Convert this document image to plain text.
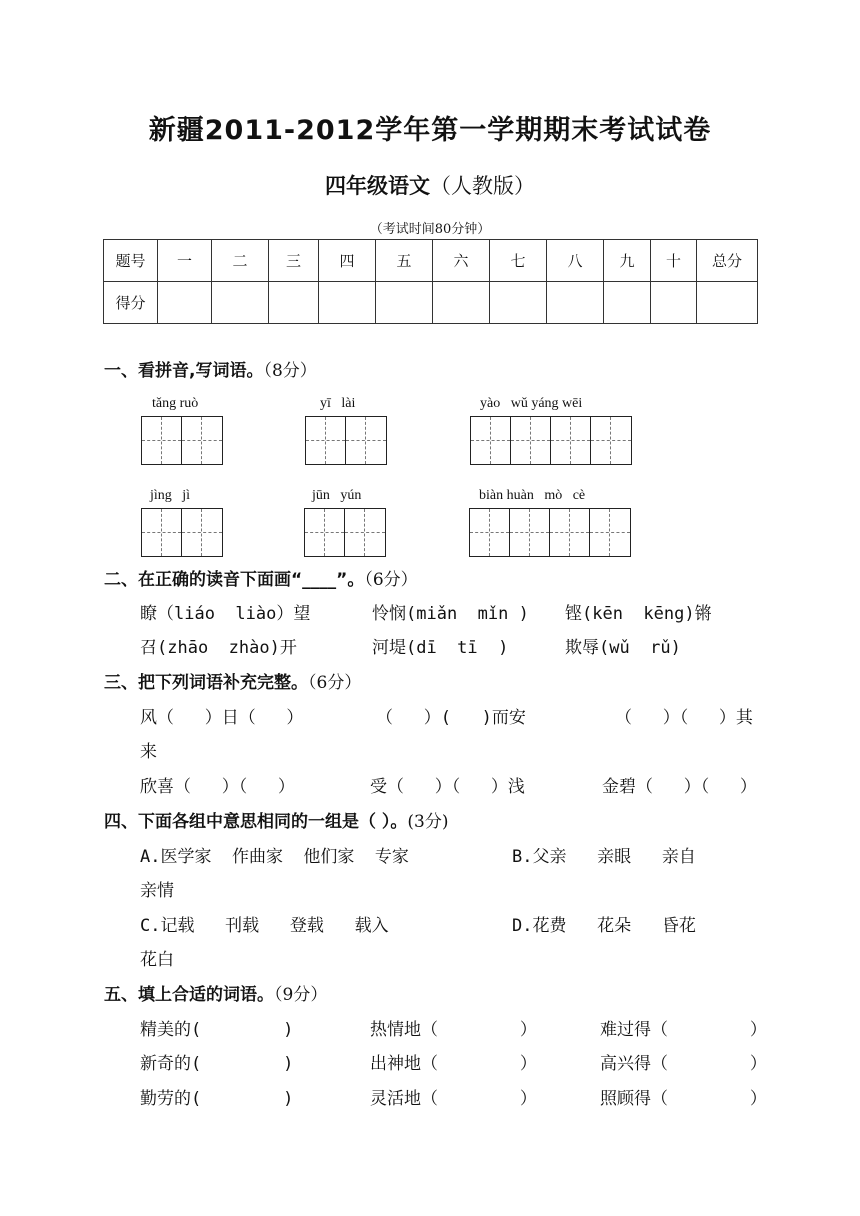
新疆2011-2012学年第一学期期末考试试卷
四年级语文（人教版）
（考试时间80分钟）
题号	一	二	三	四	五	六	七	八	九	十	总分
得分											
一、看拼音,写词语。（8分）
tǎng ruò	yī   lài	yào   wǔ yáng wēi
jìng   jì	jūn   yún	biàn huàn   mò   cè
二、在正确的读音下面画“____”。（6分）
瞭（liáo  liào）望	怜悯(miǎn  mǐn ) 铿(kēn  kēng)锵
召(zhāo  zhào)开	河堤(dī  tī  )	欺辱(wǔ  rǔ)
三、把下列词语补充完整。（6分）
风（   ）日（   ）	（   ）(   )而安	（   ）（   ）其
来
欣喜（   ）（   ）	受（   ）（   ）浅	金碧（   ）（   ）
四、下面各组中意思相同的一组是（ ）。(3分)
A.医学家  作曲家  他们家  专家	B.父亲   亲眼   亲自
亲情
C.记载   刊载   登载   载入	D.花费   花朵   昏花
花白
五、填上合适的词语。（9分）
精美的(        )	热情地（        ）	难过得（        ）
新奇的(        )	出神地（        ）	高兴得（        ）
勤劳的(        )	灵活地（        ）	照顾得（        ）
